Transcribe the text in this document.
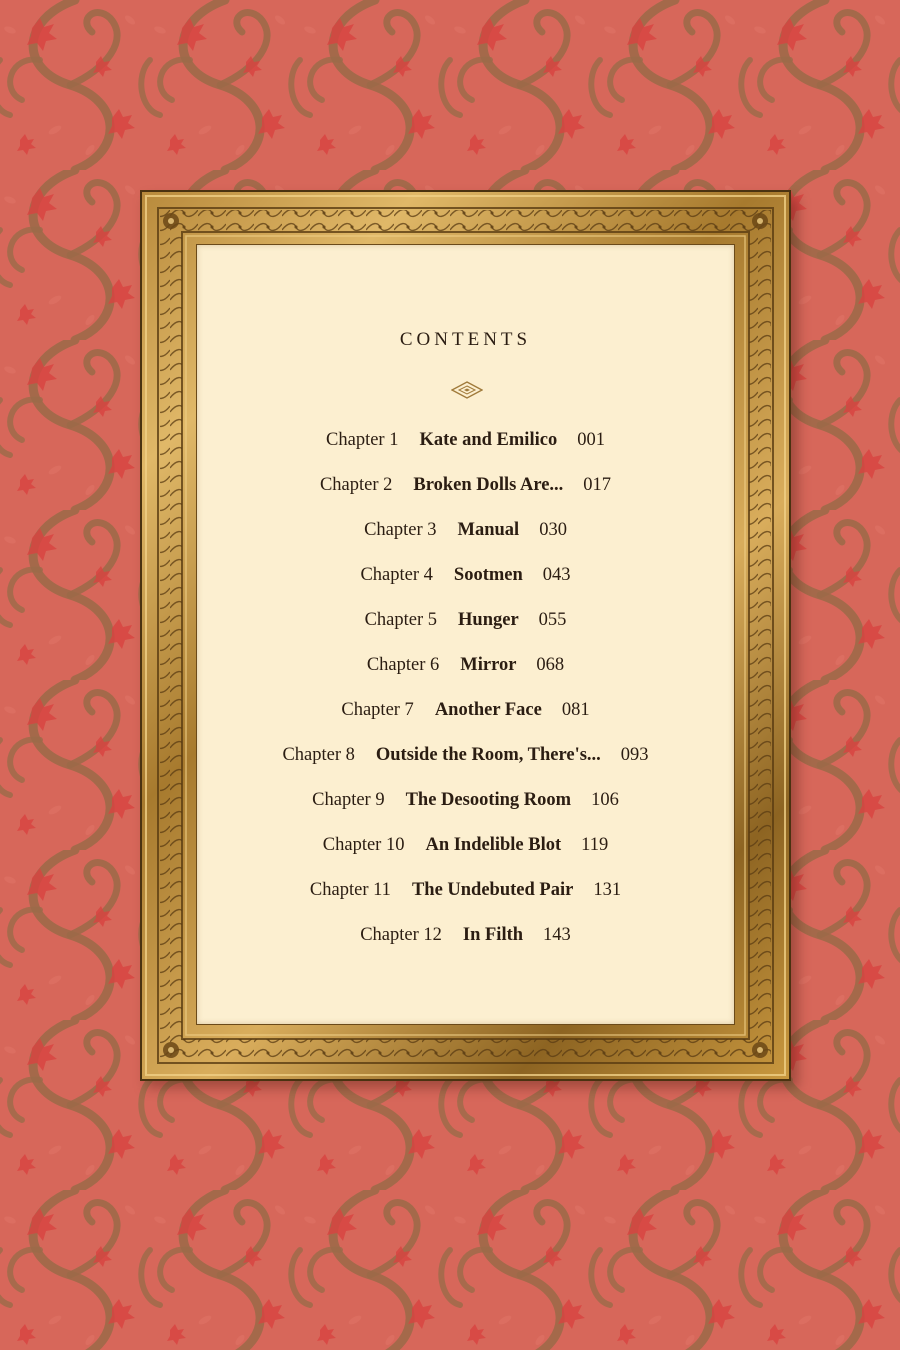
CONTENTS
Chapter 1 Kate and Emilico 001
Chapter 2 Broken Dolls Are... 017
Chapter 3 Manual 030
Chapter 4 Sootmen 043
Chapter 5 Hunger 055
Chapter 6 Mirror 068
Chapter 7 Another Face 081
Chapter 8 Outside the Room, There's... 093
Chapter 9 The Desooting Room 106
Chapter 10 An Indelible Blot 119
Chapter 11 The Undebuted Pair 131
Chapter 12 In Filth 143
